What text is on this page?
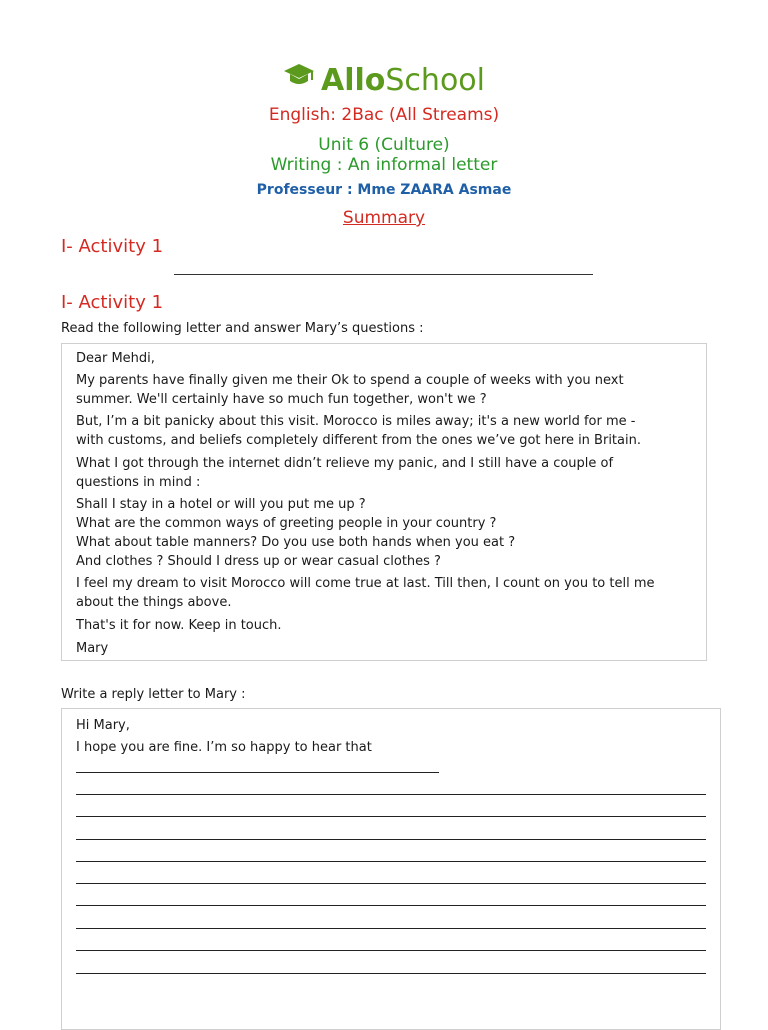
AlloSchool
English: 2Bac (All Streams)
Unit 6 (Culture)
Writing : An informal letter
Professeur : Mme ZAARA Asmae
Summary
I- Activity 1
I- Activity 1
Read the following letter and answer Mary’s questions :
Dear Mehdi,
My parents have finally given me their Ok to spend a couple of weeks with you next
summer. We'll certainly have so much fun together, won't we ?
But, I’m a bit panicky about this visit. Morocco is miles away; it's a new world for me -
with customs, and beliefs completely different from the ones we’ve got here in Britain.
What I got through the internet didn’t relieve my panic, and I still have a couple of
questions in mind :
Shall I stay in a hotel or will you put me up ?
What are the common ways of greeting people in your country ?
What about table manners? Do you use both hands when you eat ?
And clothes ? Should I dress up or wear casual clothes ?
I feel my dream to visit Morocco will come true at last. Till then, I count on you to tell me
about the things above.
That's it for now. Keep in touch.
Mary
Write a reply letter to Mary :
Hi Mary,
I hope you are fine. I’m so happy to hear that
